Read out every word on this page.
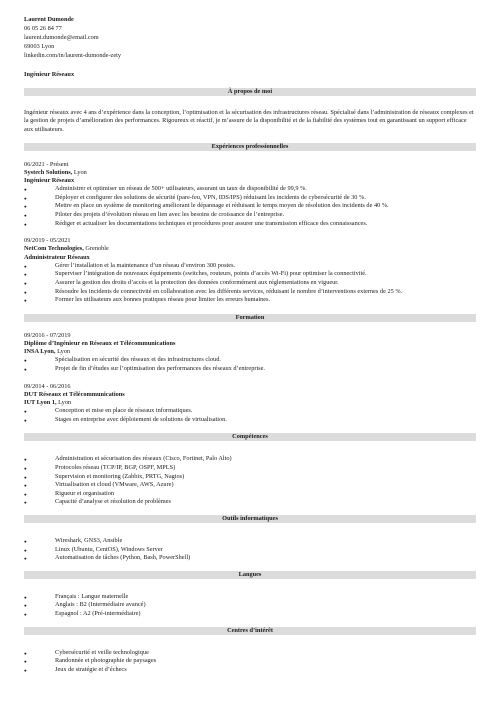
Laurent Dumonde
06 05 26 84 77
laurent.dumonde@email.com
69003 Lyon
linkedin.com/in/laurent-dumonde-zety
Ingénieur Réseaux
À propos de moi
Ingénieur réseaux avec 4 ans d’expérience dans la conception, l’optimisation et la sécurisation des infrastructures réseau. Spécialisé dans l’administration de réseaux complexes et la gestion de projets d’amélioration des performances. Rigoureux et réactif, je m’assure de la disponibilité et de la fiabilité des systèmes tout en garantissant un support efficace aux utilisateurs.
Expériences professionnelles
06/2021 - Présent
Systech Solutions, Lyon
Ingénieur Réseaux
● Administrer et optimiser un réseau de 500+ utilisateurs, assurant un taux de disponibilité de 99,9 %.
● Déployer et configurer des solutions de sécurité (pare-feu, VPN, IDS/IPS) réduisant les incidents de cybersécurité de 30 %.
● Mettre en place un système de monitoring améliorant le dépannage et réduisant le temps moyen de résolution des incidents de 40 %.
● Piloter des projets d’évolution réseau en lien avec les besoins de croissance de l’entreprise.
● Rédiger et actualiser les documentations techniques et procédures pour assurer une transmission efficace des connaissances.
09/2019 - 05/2021
NetCom Technologies, Grenoble
Administrateur Réseaux
● Gérer l’installation et la maintenance d’un réseau d’environ 300 postes.
● Superviser l’intégration de nouveaux équipements (switches, routeurs, points d’accès Wi-Fi) pour optimiser la connectivité.
● Assurer la gestion des droits d’accès et la protection des données conformément aux réglementations en vigueur.
● Résoudre les incidents de connectivité en collaboration avec les différents services, réduisant le nombre d’interventions externes de 25 %.
● Former les utilisateurs aux bonnes pratiques réseau pour limiter les erreurs humaines.
Formation
09/2016 - 07/2019
Diplôme d’Ingénieur en Réseaux et Télécommunications
INSA Lyon, Lyon
● Spécialisation en sécurité des réseaux et des infrastructures cloud.
● Projet de fin d’études sur l’optimisation des performances des réseaux d’entreprise.
09/2014 - 06/2016
DUT Réseaux et Télécommunications
IUT Lyon 1, Lyon
● Conception et mise en place de réseaux informatiques.
● Stages en entreprise avec déploiement de solutions de virtualisation.
Compétences
● Administration et sécurisation des réseaux (Cisco, Fortinet, Palo Alto)
● Protocoles réseau (TCP/IP, BGP, OSPF, MPLS)
● Supervision et monitoring (Zabbix, PRTG, Nagios)
● Virtualisation et cloud (VMware, AWS, Azure)
● Rigueur et organisation
● Capacité d’analyse et résolution de problèmes
Outils informatiques
● Wireshark, GNS3, Ansible
● Linux (Ubuntu, CentOS), Windows Server
● Automatisation de tâches (Python, Bash, PowerShell)
Langues
● Français : Langue maternelle
● Anglais : B2 (Intermédiaire avancé)
● Espagnol : A2 (Pré-intermédiaire)
Centres d’intérêt
● Cybersécurité et veille technologique
● Randonnée et photographie de paysages
● Jeux de stratégie et d’échecs
